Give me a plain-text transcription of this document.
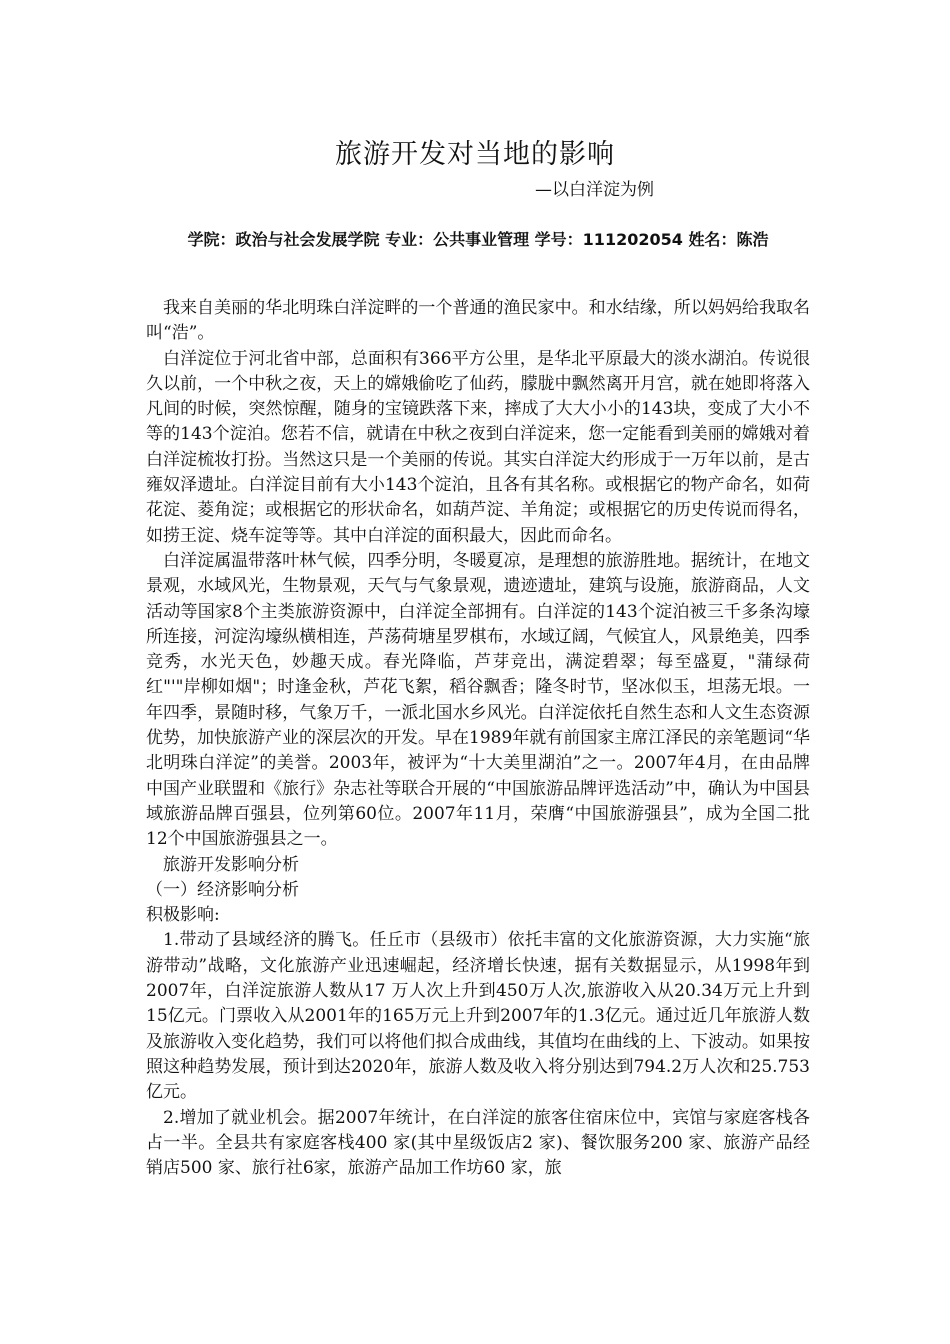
旅游开发对当地的影响
—以白洋淀为例
学院：政治与社会发展学院 专业：公共事业管理 学号：111202054 姓名：陈浩

我来自美丽的华北明珠白洋淀畔的一个普通的渔民家中。和水结缘，所以妈妈给我取名叫“浩”。

白洋淀位于河北省中部，总面积有366平方公里，是华北平原最大的淡水湖泊。传说很久以前，一个中秋之夜，天上的嫦娥偷吃了仙药，朦胧中飘然离开月宫，就在她即将落入凡间的时候，突然惊醒，随身的宝镜跌落下来，摔成了大大小小的143块，变成了大小不等的143个淀泊。您若不信，就请在中秋之夜到白洋淀来，您一定能看到美丽的嫦娥对着白洋淀梳妆打扮。当然这只是一个美丽的传说。其实白洋淀大约形成于一万年以前，是古雍奴泽遗址。白洋淀目前有大小143个淀泊，且各有其名称。或根据它的物产命名，如荷花淀、菱角淀；或根据它的形状命名，如葫芦淀、羊角淀；或根据它的历史传说而得名，如捞王淀、烧车淀等等。其中白洋淀的面积最大，因此而命名。

白洋淀属温带落叶林气候，四季分明，冬暖夏凉，是理想的旅游胜地。据统计，在地文景观，水域风光，生物景观，天气与气象景观，遗迹遗址，建筑与设施，旅游商品，人文活动等国家8个主类旅游资源中，白洋淀全部拥有。白洋淀的143个淀泊被三千多条沟壕所连接，河淀沟壕纵横相连，芦荡荷塘星罗棋布，水域辽阔，气候宜人，风景绝美，四季竞秀，水光天色，妙趣天成。春光降临，芦芽竞出，满淀碧翠；每至盛夏，"蒲绿荷红"'"岸柳如烟"；时逢金秋，芦花飞絮，稻谷飘香；隆冬时节，坚冰似玉，坦荡无垠。一年四季，景随时移，气象万千，一派北国水乡风光。白洋淀依托自然生态和人文生态资源优势，加快旅游产业的深层次的开发。早在1989年就有前国家主席江泽民的亲笔题词“华北明珠白洋淀”的美誉。2003年，被评为“十大美里湖泊”之一。2007年4月，在由品牌中国产业联盟和《旅行》杂志社等联合开展的“中国旅游品牌评选活动”中，确认为中国县域旅游品牌百强县，位列第60位。2007年11月，荣膺“中国旅游强县”，成为全国二批12个中国旅游强县之一。

旅游开发影响分析

（一）经济影响分析

积极影响:

1.带动了县域经济的腾飞。任丘市（县级市）依托丰富的文化旅游资源，大力实施“旅游带动”战略，文化旅游产业迅速崛起，经济增长快速，据有关数据显示，从1998年到2007年，白洋淀旅游人数从17 万人次上升到450万人次,旅游收入从20.34万元上升到15亿元。门票收入从2001年的165万元上升到2007年的1.3亿元。通过近几年旅游人数及旅游收入变化趋势，我们可以将他们拟合成曲线，其值均在曲线的上、下波动。如果按照这种趋势发展，预计到达2020年，旅游人数及收入将分别达到794.2万人次和25.753亿元。

2.增加了就业机会。据2007年统计，在白洋淀的旅客住宿床位中，宾馆与家庭客栈各占一半。全县共有家庭客栈400 家(其中星级饭店2 家)、餐饮服务200 家、旅游产品经销店500 家、旅行社6家，旅游产品加工作坊60 家，旅
